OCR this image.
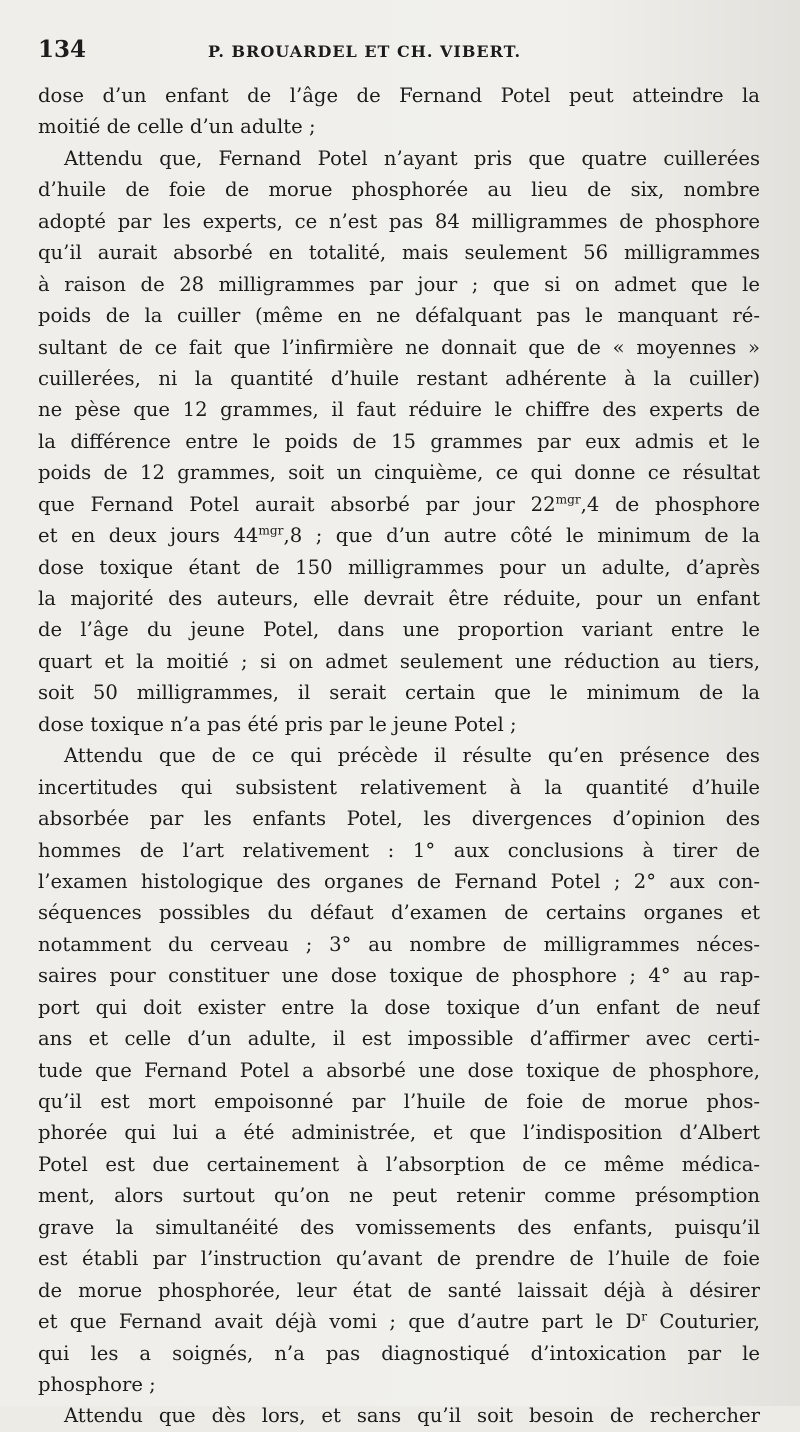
134	P. BROUARDEL ET CH. VIBERT.
dose d’un enfant de l’âge de Fernand Potel peut atteindre la
moitié de celle d’un adulte ;
Attendu que, Fernand Potel n’ayant pris que quatre cuillerées
d’huile de foie de morue phosphorée au lieu de six, nombre
adopté par les experts, ce n’est pas 84 milligrammes de phosphore
qu’il aurait absorbé en totalité, mais seulement 56 milligrammes
à raison de 28 milligrammes par jour ; que si on admet que le
poids de la cuiller (même en ne défalquant pas le manquant ré-
sultant de ce fait que l’infirmière ne donnait que de « moyennes »
cuillerées, ni la quantité d’huile restant adhérente à la cuiller)
ne pèse que 12 grammes, il faut réduire le chiffre des experts de
la différence entre le poids de 15 grammes par eux admis et le
poids de 12 grammes, soit un cinquième, ce qui donne ce résultat
que Fernand Potel aurait absorbé par jour $22^{mgr},4$ de phosphore
et en deux jours $44^{mgr},8$ ; que d’un autre côté le minimum de la
dose toxique étant de 150 milligrammes pour un adulte, d’après
la majorité des auteurs, elle devrait être réduite, pour un enfant
de l’âge du jeune Potel, dans une proportion variant entre le
quart et la moitié ; si on admet seulement une réduction au tiers,
soit 50 milligrammes, il serait certain que le minimum de la
dose toxique n’a pas été pris par le jeune Potel ;
Attendu que de ce qui précède il résulte qu’en présence des
incertitudes qui subsistent relativement à la quantité d’huile
absorbée par les enfants Potel, les divergences d’opinion des
hommes de l’art relativement : 1° aux conclusions à tirer de
l’examen histologique des organes de Fernand Potel ; 2° aux con-
séquences possibles du défaut d’examen de certains organes et
notamment du cerveau ; 3° au nombre de milligrammes néces-
saires pour constituer une dose toxique de phosphore ; 4° au rap-
port qui doit exister entre la dose toxique d’un enfant de neuf
ans et celle d’un adulte, il est impossible d’affirmer avec certi-
tude que Fernand Potel a absorbé une dose toxique de phosphore,
qu’il est mort empoisonné par l’huile de foie de morue phos-
phorée qui lui a été administrée, et que l’indisposition d’Albert
Potel est due certainement à l’absorption de ce même médica-
ment, alors surtout qu’on ne peut retenir comme présomption
grave la simultanéité des vomissements des enfants, puisqu’il
est établi par l’instruction qu’avant de prendre de l’huile de foie
de morue phosphorée, leur état de santé laissait déjà à désirer
et que Fernand avait déjà vomi ; que d’autre part le $D^r$ Couturier,
qui les a soignés, n’a pas diagnostiqué d’intoxication par le
phosphore ;
Attendu que dès lors, et sans qu’il soit besoin de rechercher
